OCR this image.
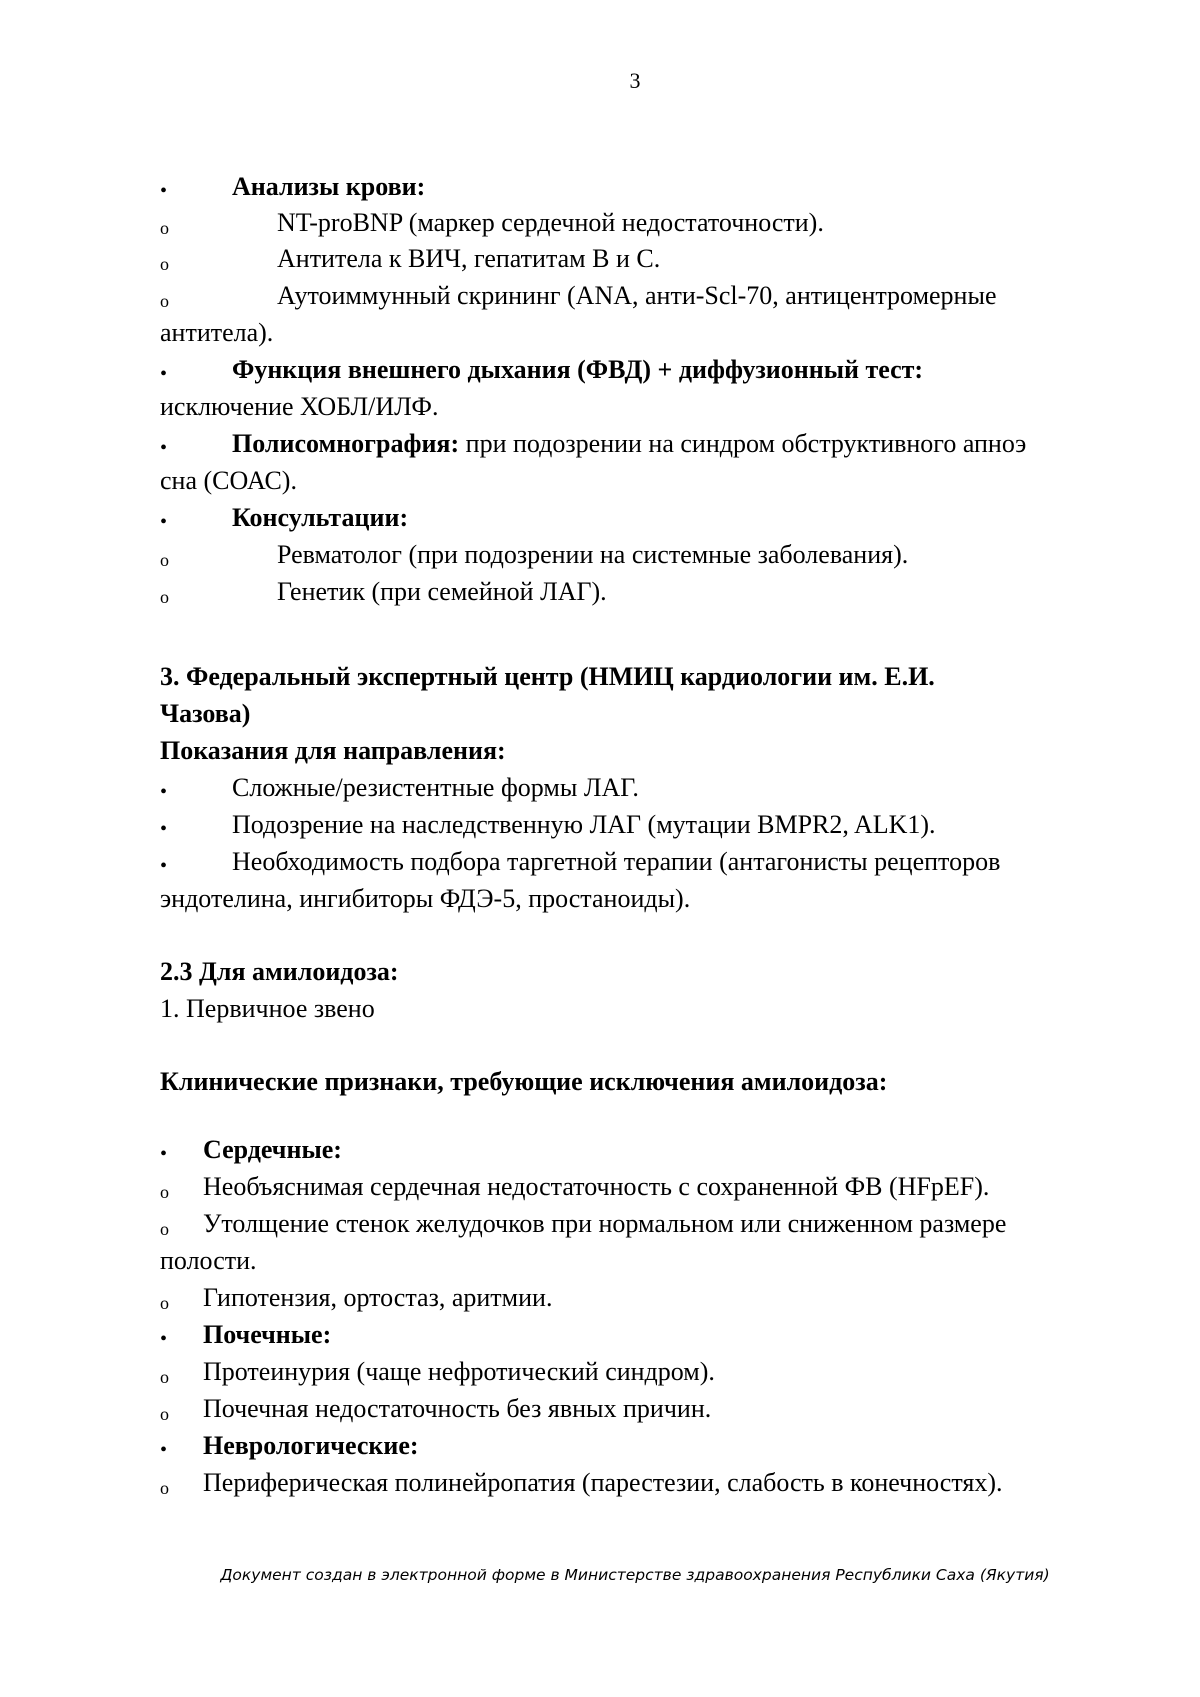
3
• Анализы крови:
o	NT-proBNP (маркер сердечной недостаточности).
o	Антитела к ВИЧ, гепатитам B и C.
o	Аутоиммунный скрининг (ANA, анти-Scl-70, антицентромерные
антитела).
• Функция внешнего дыхания (ФВД) + диффузионный тест:
исключение ХОБЛ/ИЛФ.
• Полисомнография: при подозрении на синдром обструктивного апноэ
сна (СОАС).
• Консультации:
o	Ревматолог (при подозрении на системные заболевания).
o	Генетик (при семейной ЛАГ).
3. Федеральный экспертный центр (НМИЦ кардиологии им. Е.И.
Чазова)
Показания для направления:
• Сложные/резистентные формы ЛАГ.
• Подозрение на наследственную ЛАГ (мутации BMPR2, ALK1).
• Необходимость подбора таргетной терапии (антагонисты рецепторов
эндотелина, ингибиторы ФДЭ-5, простаноиды).
2.3 Для амилоидоза:
1. Первичное звено
Клинические признаки, требующие исключения амилоидоза:
• Сердечные:
o Необъяснимая сердечная недостаточность с сохраненной ФВ (HFpEF).
o Утолщение стенок желудочков при нормальном или сниженном размере
полости.
o Гипотензия, ортостаз, аритмии.
• Почечные:
o Протеинурия (чаще нефротический синдром).
o Почечная недостаточность без явных причин.
• Неврологические:
o Периферическая полинейропатия (парестезии, слабость в конечностях).
Документ создан в электронной форме в Министерстве здравоохранения Республики Саха (Якутия)
